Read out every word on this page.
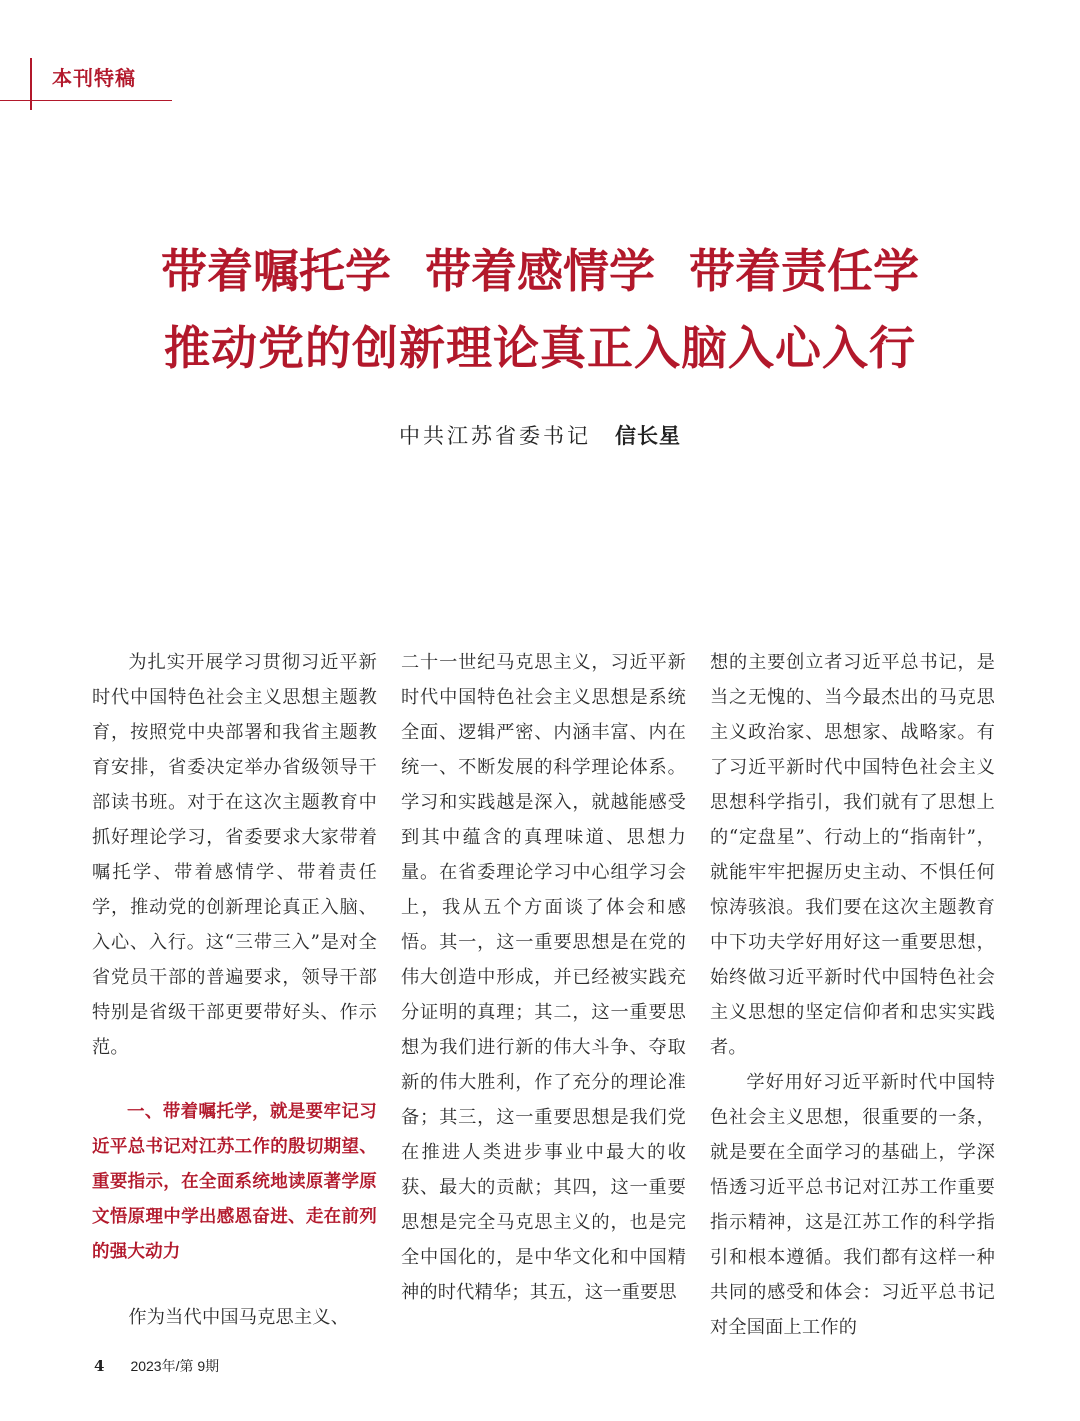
本刊特稿
带着嘱托学 带着感情学 带着责任学
推动党的创新理论真正入脑入心入行
中共江苏省委书记 信长星

为扎实开展学习贯彻习近平新时代中国特色社会主义思想主题教育，按照党中央部署和我省主题教育安排，省委决定举办省级领导干部读书班。对于在这次主题教育中抓好理论学习，省委要求大家带着嘱托学、带着感情学、带着责任学，推动党的创新理论真正入脑、入心、入行。这“三带三入”是对全省党员干部的普遍要求，领导干部特别是省级干部更要带好头、作示范。

一、带着嘱托学，就是要牢记习近平总书记对江苏工作的殷切期望、重要指示，在全面系统地读原著学原文悟原理中学出感恩奋进、走在前列的强大动力

作为当代中国马克思主义、

二十一世纪马克思主义，习近平新时代中国特色社会主义思想是系统全面、逻辑严密、内涵丰富、内在统一、不断发展的科学理论体系。学习和实践越是深入，就越能感受到其中蕴含的真理味道、思想力量。在省委理论学习中心组学习会上，我从五个方面谈了体会和感悟。其一，这一重要思想是在党的伟大创造中形成，并已经被实践充分证明的真理；其二，这一重要思想为我们进行新的伟大斗争、夺取新的伟大胜利，作了充分的理论准备；其三，这一重要思想是我们党在推进人类进步事业中最大的收获、最大的贡献；其四，这一重要思想是完全马克思主义的，也是完全中国化的，是中华文化和中国精神的时代精华；其五，这一重要思

想的主要创立者习近平总书记，是当之无愧的、当今最杰出的马克思主义政治家、思想家、战略家。有了习近平新时代中国特色社会主义思想科学指引，我们就有了思想上的“定盘星”、行动上的“指南针”，就能牢牢把握历史主动、不惧任何惊涛骇浪。我们要在这次主题教育中下功夫学好用好这一重要思想，始终做习近平新时代中国特色社会主义思想的坚定信仰者和忠实实践者。

学好用好习近平新时代中国特色社会主义思想，很重要的一条，就是要在全面学习的基础上，学深悟透习近平总书记对江苏工作重要指示精神，这是江苏工作的科学指引和根本遵循。我们都有这样一种共同的感受和体会：习近平总书记对全国面上工作的

4 2023年/第 9期
